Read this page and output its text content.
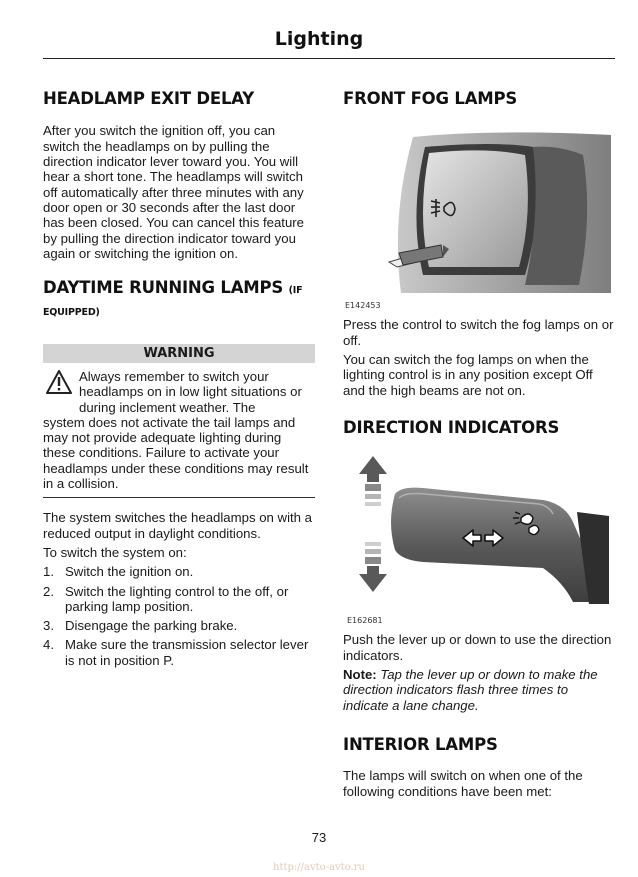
Lighting
HEADLAMP EXIT DELAY

After you switch the ignition off, you can switch the headlamps on by pulling the direction indicator lever toward you. You will hear a short tone. The headlamps will switch off automatically after three minutes with any door open or 30 seconds after the last door has been closed. You can cancel this feature by pulling the direction indicator toward you again or switching the ignition on.

DAYTIME RUNNING LAMPS (IF EQUIPPED)
WARNING

Always remember to switch your headlamps on in low light situations or during inclement weather. The

system does not activate the tail lamps and may not provide adequate lighting during these conditions. Failure to activate your headlamps under these conditions may result in a collision.

The system switches the headlamps on with a reduced output in daylight conditions.

To switch the system on:

1. Switch the ignition on.
2. Switch the lighting control to the off, or parking lamp position.
3. Disengage the parking brake.
4. Make sure the transmission selector lever is not in position P.
FRONT FOG LAMPS
E142453

Press the control to switch the fog lamps on or off.

You can switch the fog lamps on when the lighting control is in any position except Off and the high beams are not on.

DIRECTION INDICATORS
E162681

Push the lever up or down to use the direction indicators.

Note: Tap the lever up or down to make the direction indicators flash three times to indicate a lane change.

INTERIOR LAMPS

The lamps will switch on when one of the following conditions have been met:

73
http://avto-avto.ru
